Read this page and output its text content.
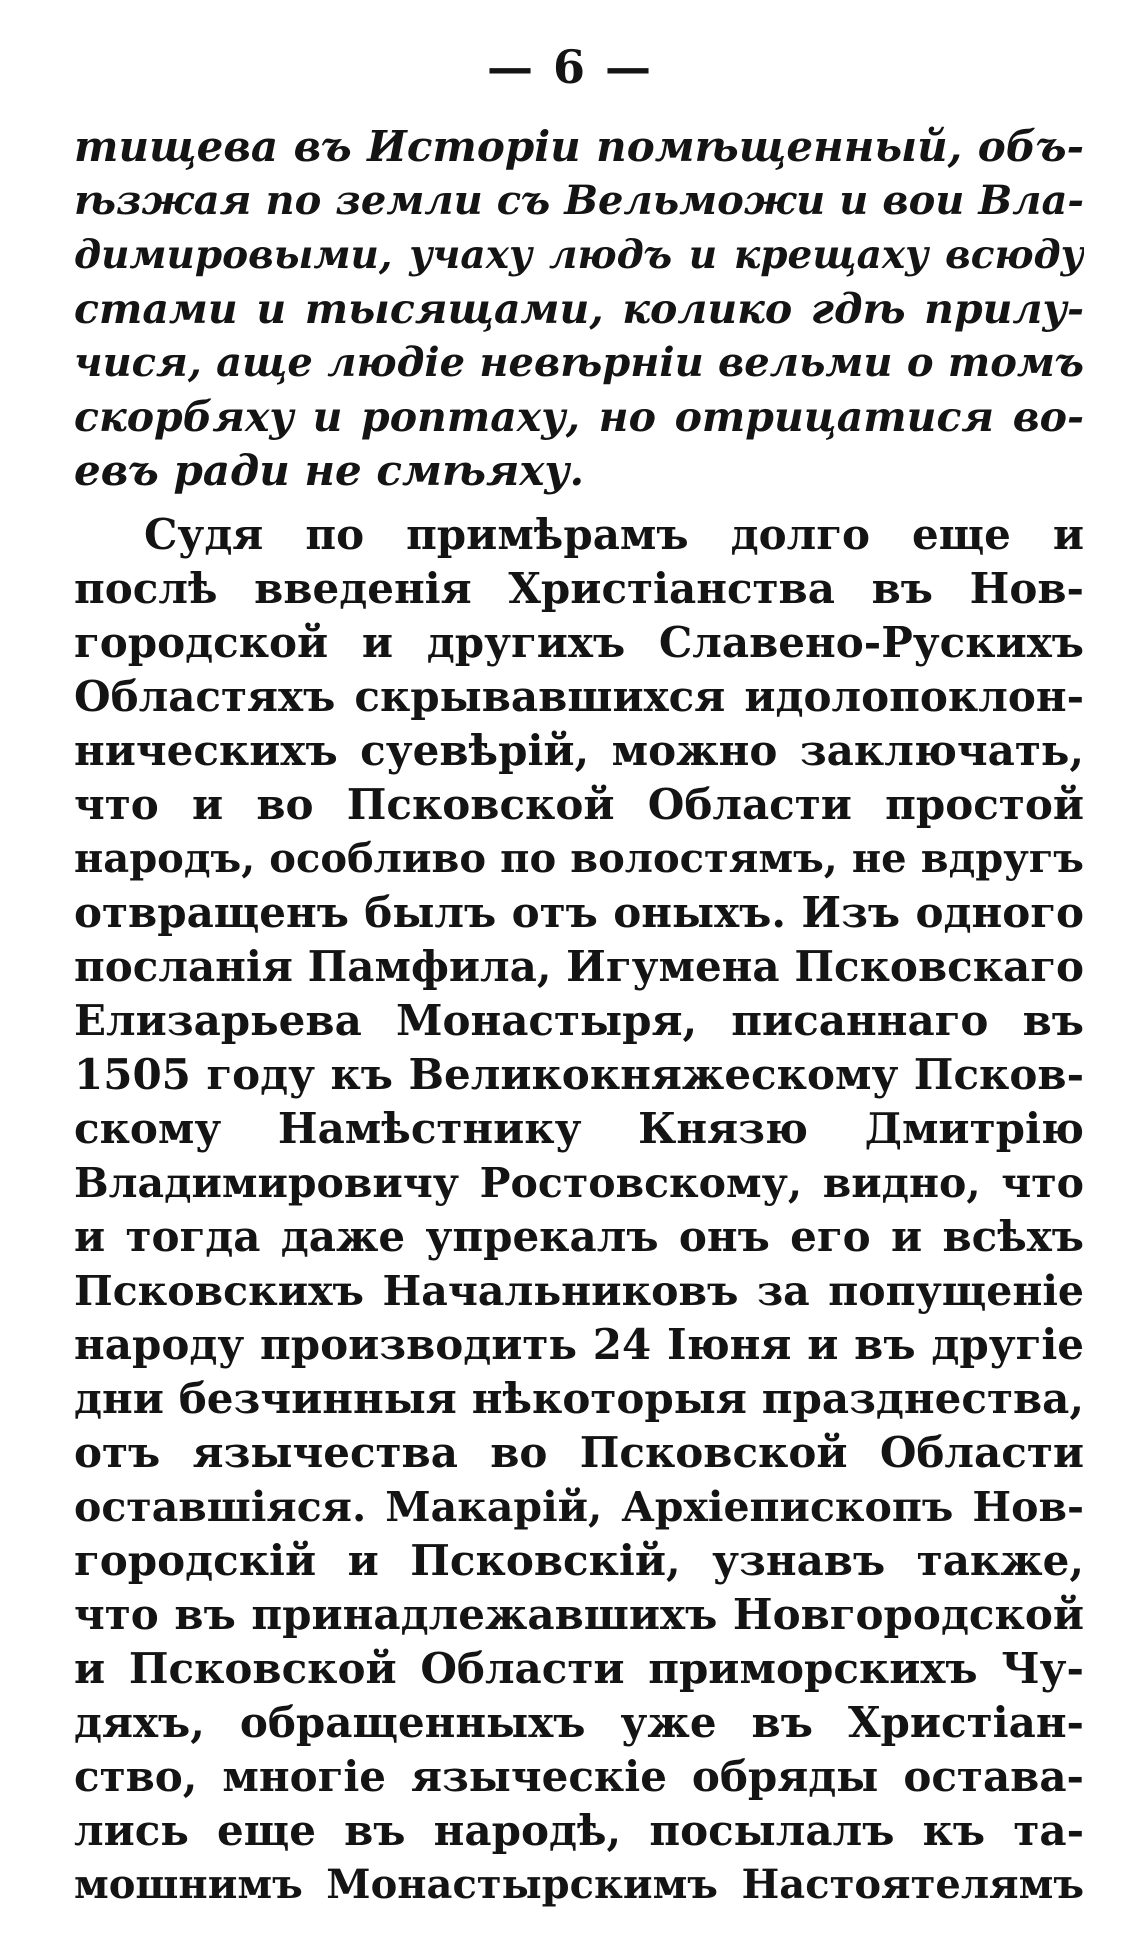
— 6 —
тищева въ Исторіи помѣщенный, объ-
ѣзжая по земли съ Вельможи и вои Вла-
димировыми, учаху людъ и крещаху всюду
стами и тысящами, колико гдѣ прилу-
чися, аще людіе невѣрніи вельми о томъ
скорбяху и роптаху, но отрицатися во-
евъ ради не смѣяху.
Судя по примѣрамъ долго еще и
послѣ введенія Христіанства въ Нов-
городской и другихъ Славено-Рускихъ
Областяхъ скрывавшихся идолопоклон-
ническихъ суевѣрій, можно заключать,
что и во Псковской Области простой
народъ, особливо по волостямъ, не вдругъ
отвращенъ былъ отъ оныхъ. Изъ одного
посланія Памфила, Игумена Псковскаго
Елизарьева Монастыря, писаннаго въ
1505 году къ Великокняжескому Псков-
скому Намѣстнику Князю Дмитрію
Владимировичу Ростовскому, видно, что
и тогда даже упрекалъ онъ его и всѣхъ
Псковскихъ Начальниковъ за попущеніе
народу производить 24 Іюня и въ другіе
дни безчинныя нѣкоторыя празднества,
отъ язычества во Псковской Области
оставшіяся. Макарій, Архіепископъ Нов-
городскій и Псковскій, узнавъ также,
что въ принадлежавшихъ Новгородской
и Псковской Области приморскихъ Чу-
дяхъ, обращенныхъ уже въ Христіан-
ство, многіе языческіе обряды остава-
лись еще въ народѣ, посылалъ къ та-
мошнимъ Монастырскимъ Настоятелямъ
